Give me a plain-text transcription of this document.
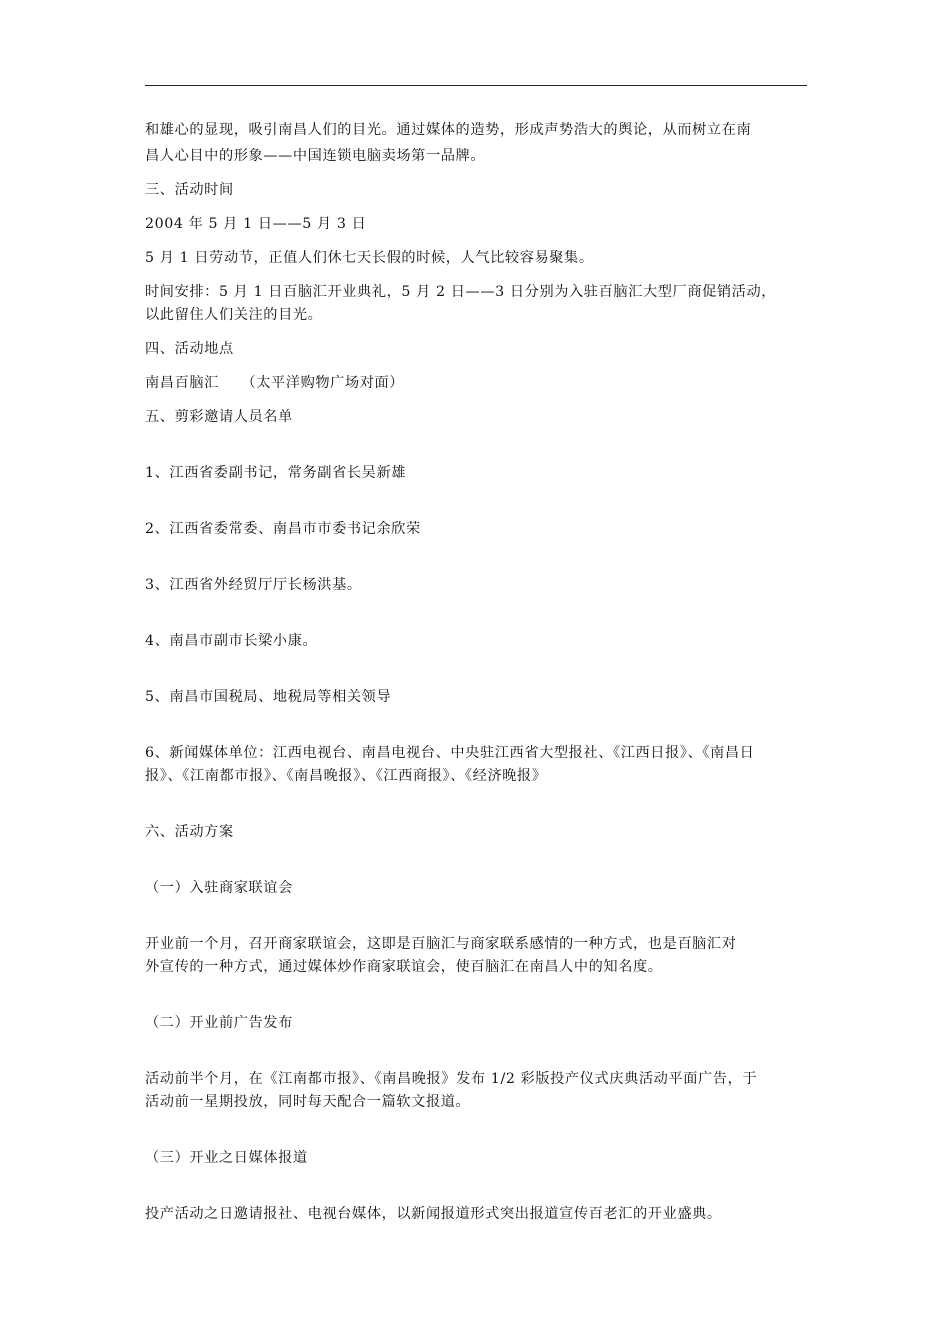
和雄心的显现，吸引南昌人们的目光。通过媒体的造势，形成声势浩大的舆论，从而树立在南
昌人心目中的形象——中国连锁电脑卖场第一品牌。
三、活动时间
2004 年 5 月 1 日——5 月 3 日
5 月 1 日劳动节，正值人们休七天长假的时候，人气比较容易聚集。
时间安排：5 月 1 日百脑汇开业典礼，5 月 2 日——3 日分别为入驻百脑汇大型厂商促销活动，
以此留住人们关注的目光。
四、活动地点
南昌百脑汇　　（太平洋购物广场对面）
五、剪彩邀请人员名单
1、江西省委副书记，常务副省长吴新雄
2、江西省委常委、南昌市市委书记余欣荣
3、江西省外经贸厅厅长杨洪基。
4、南昌市副市长梁小康。
5、南昌市国税局、地税局等相关领导
6、新闻媒体单位：江西电视台、南昌电视台、中央驻江西省大型报社、《江西日报》、《南昌日
报》、《江南都市报》、《南昌晚报》、《江西商报》、《经济晚报》
六、活动方案
（一）入驻商家联谊会
开业前一个月，召开商家联谊会，这即是百脑汇与商家联系感情的一种方式，也是百脑汇对
外宣传的一种方式，通过媒体炒作商家联谊会，使百脑汇在南昌人中的知名度。
（二）开业前广告发布
活动前半个月，在《江南都市报》、《南昌晚报》发布 1/2 彩版投产仪式庆典活动平面广告，于
活动前一星期投放，同时每天配合一篇软文报道。
（三）开业之日媒体报道
投产活动之日邀请报社、电视台媒体，以新闻报道形式突出报道宣传百老汇的开业盛典。
